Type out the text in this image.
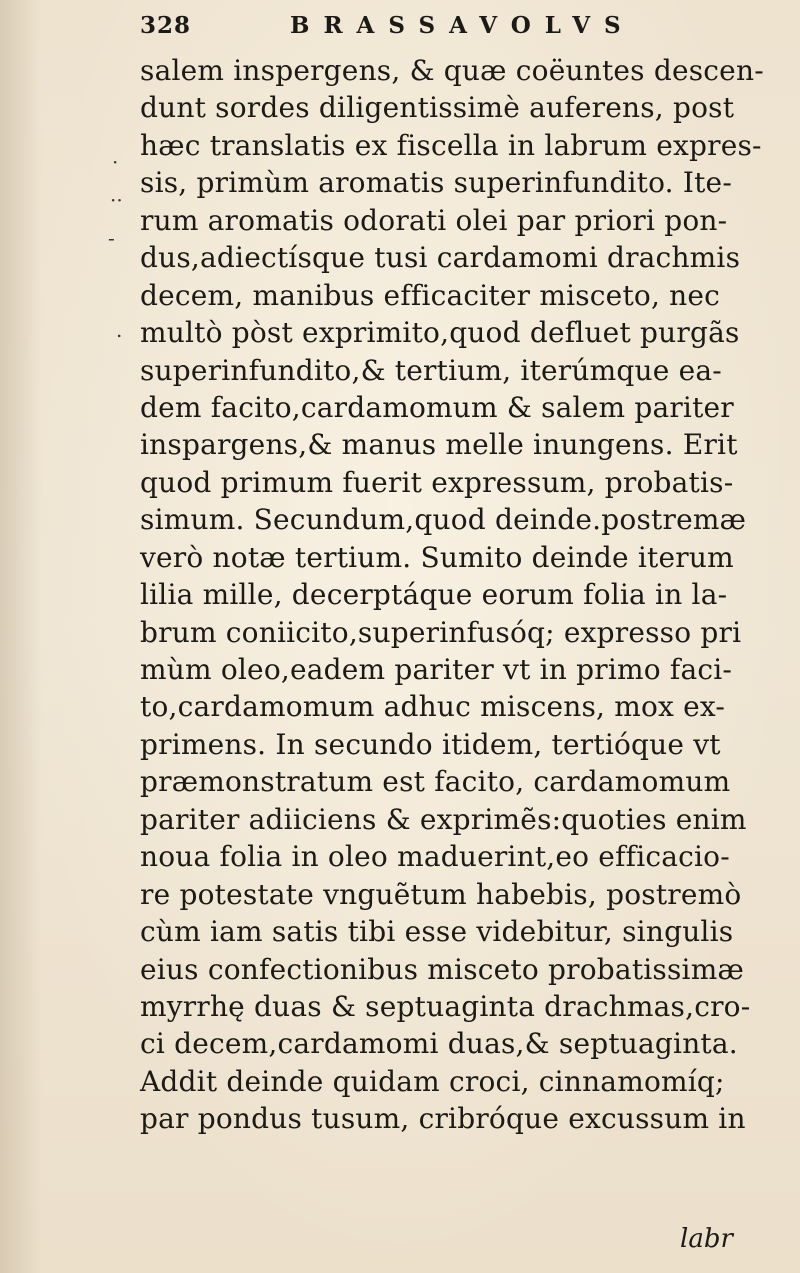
328	BRASSAVOLVS
·
··
-
.
salem inspergens, & quæ coëuntes descen-
dunt sordes diligentissimè auferens, post
hæc translatis ex fiscella in labrum expres-
sis, primùm aromatis superinfundito. Ite-
rum aromatis odorati olei par priori pon-
dus,adiectísque tusi cardamomi drachmis
decem, manibus efficaciter misceto, nec
multò pòst exprimito,quod defluet purgãs
superinfundito,& tertium, iterúmque ea-
dem facito,cardamomum & salem pariter
inspargens,& manus melle inungens. Erit
quod primum fuerit expressum, probatis-
simum. Secundum,quod deinde.postremæ
verò notæ tertium. Sumito deinde iterum
lilia mille, decerptáque eorum folia in la-
brum coniicito,superinfusóq; expresso pri
mùm oleo,eadem pariter vt in primo faci-
to,cardamomum adhuc miscens, mox ex-
primens. In secundo itidem, tertióque vt
præmonstratum est facito, cardamomum
pariter adiiciens & exprimẽs:quoties enim
noua folia in oleo maduerint,eo efficacio-
re potestate vnguẽtum habebis, postremò
cùm iam satis tibi esse videbitur, singulis
eius confectionibus misceto probatissimæ
myrrhę duas & septuaginta drachmas,cro-
ci decem,cardamomi duas,& septuaginta.
Addit deinde quidam croci, cinnamomíq;
par pondus tusum, cribróque excussum in
labr
